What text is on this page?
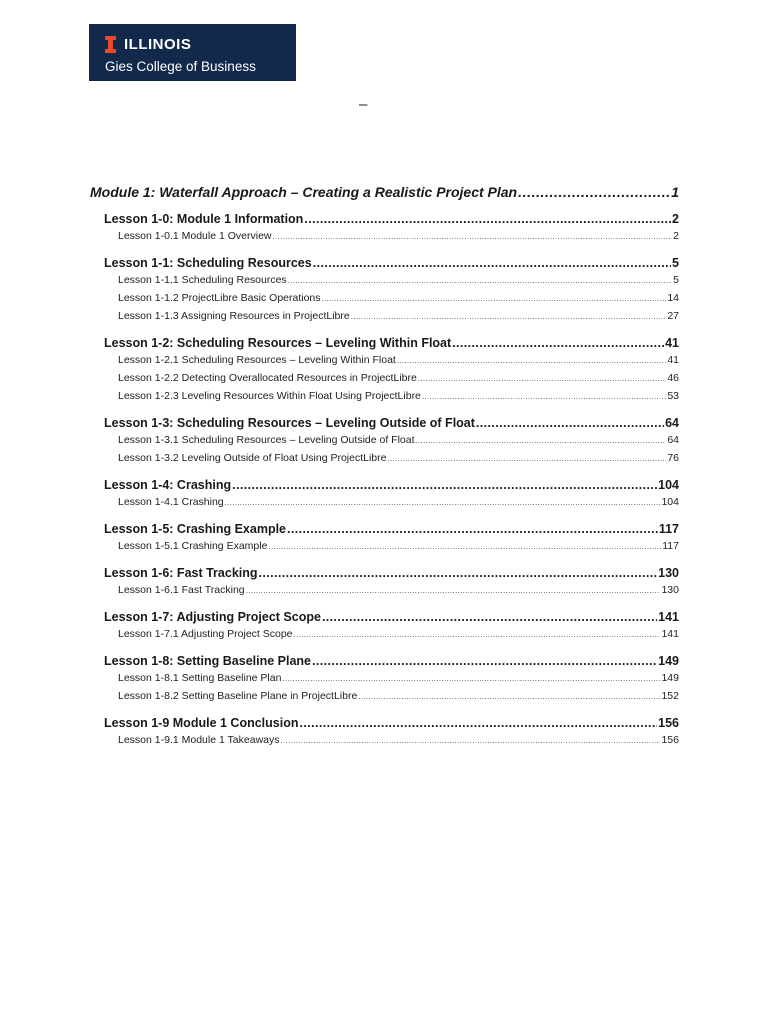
ILLINOIS
Gies College of Business
–
Module 1: Waterfall Approach – Creating a Realistic Project Plan .....	1
Lesson 1-0: Module 1 Information .....	2
Lesson 1-0.1 Module 1 Overview .....	2
Lesson 1-1: Scheduling Resources .....	5
Lesson 1-1.1 Scheduling Resources .....	5
Lesson 1-1.2 ProjectLibre Basic Operations .....	14
Lesson 1-1.3 Assigning Resources in ProjectLibre .....	27
Lesson 1-2: Scheduling Resources – Leveling Within Float .....	41
Lesson 1-2.1 Scheduling Resources – Leveling Within Float .....	41
Lesson 1-2.2 Detecting Overallocated Resources in ProjectLibre .....	46
Lesson 1-2.3 Leveling Resources Within Float Using ProjectLibre .....	53
Lesson 1-3: Scheduling Resources – Leveling Outside of Float .....	64
Lesson 1-3.1 Scheduling Resources – Leveling Outside of Float .....	64
Lesson 1-3.2 Leveling Outside of Float Using ProjectLibre .....	76
Lesson 1-4: Crashing .....	104
Lesson 1-4.1 Crashing .....	104
Lesson 1-5: Crashing Example .....	117
Lesson 1-5.1 Crashing Example .....	117
Lesson 1-6: Fast Tracking .....	130
Lesson 1-6.1 Fast Tracking .....	130
Lesson 1-7: Adjusting Project Scope .....	141
Lesson 1-7.1 Adjusting Project Scope .....	141
Lesson 1-8: Setting Baseline Plane .....	149
Lesson 1-8.1 Setting Baseline Plan .....	149
Lesson 1-8.2 Setting Baseline Plane in ProjectLibre .....	152
Lesson 1-9 Module 1 Conclusion .....	156
Lesson 1-9.1 Module 1 Takeaways .....	156
